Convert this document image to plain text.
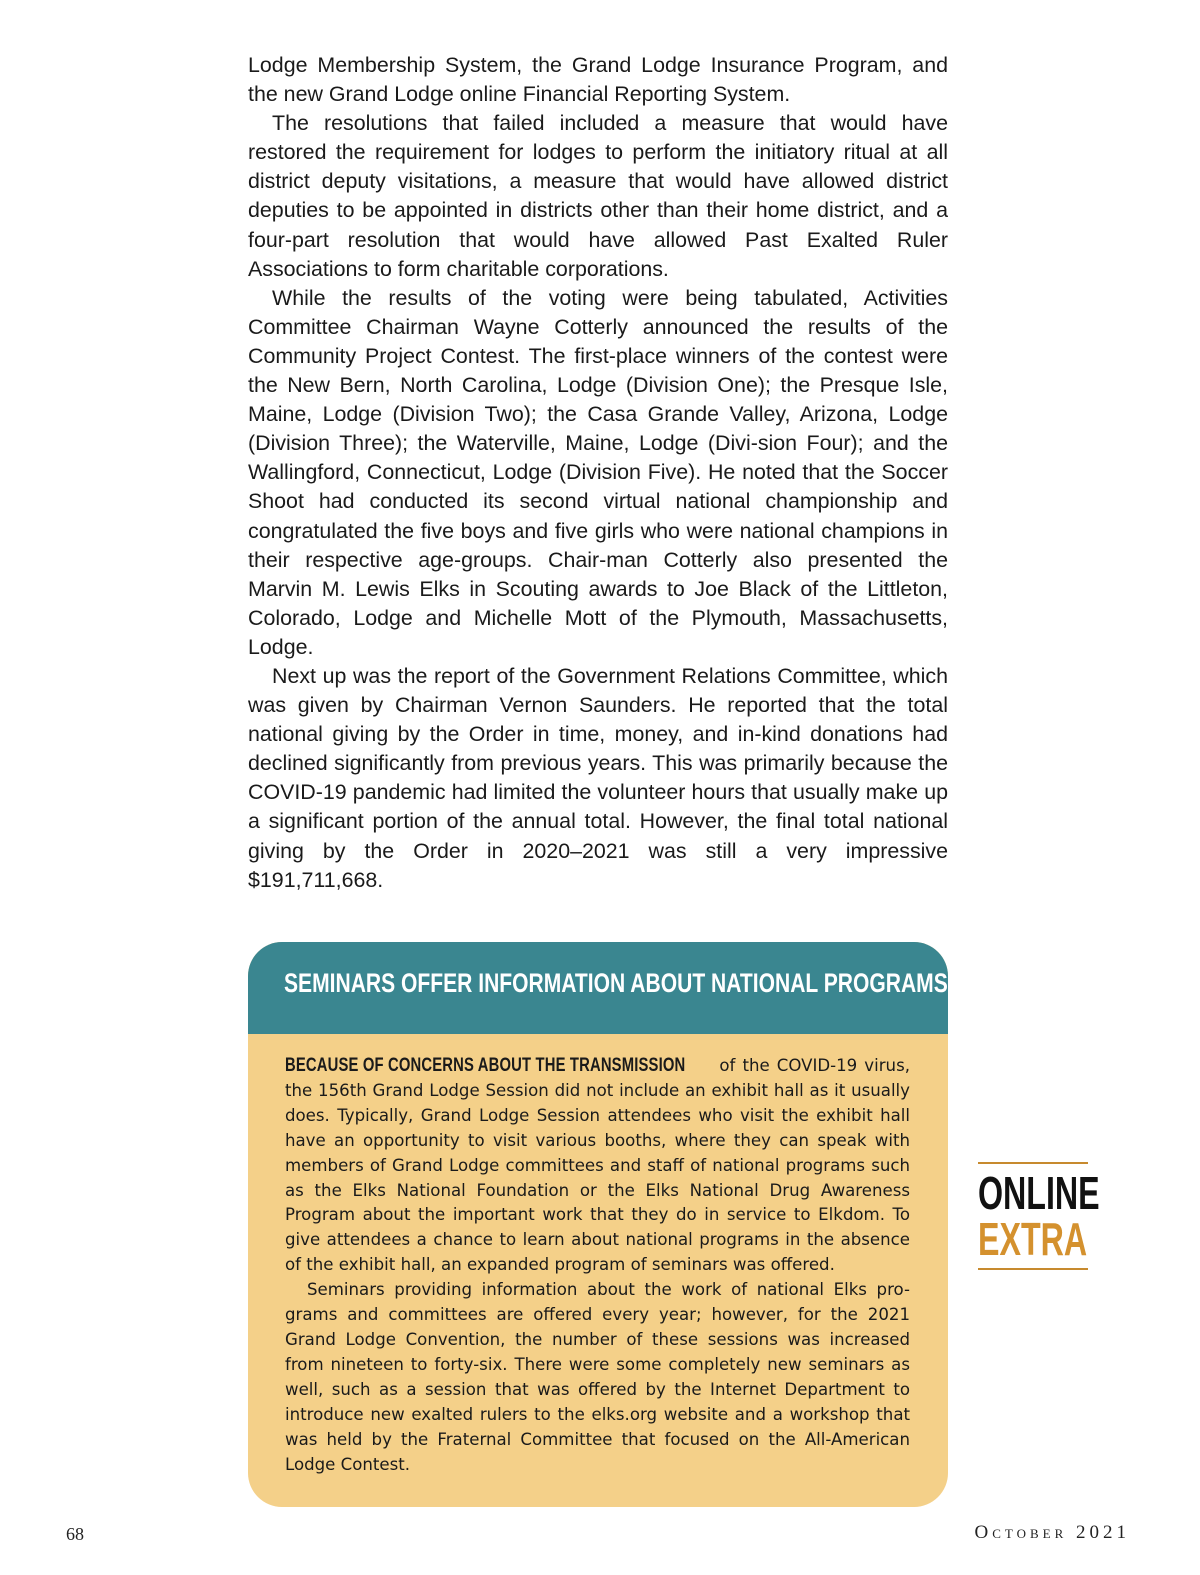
Lodge Membership System, the Grand Lodge Insurance Program, and the new Grand Lodge online Financial Reporting System.

The resolutions that failed included a measure that would have restored the requirement for lodges to perform the initiatory ritual at all district deputy visitations, a measure that would have allowed district deputies to be appointed in districts other than their home district, and a four-part resolution that would have allowed Past Exalted Ruler Associations to form charitable corporations.

While the results of the voting were being tabulated, Activities Committee Chairman Wayne Cotterly announced the results of the Community Project Contest. The first-place winners of the contest were the New Bern, North Carolina, Lodge (Division One); the Presque Isle, Maine, Lodge (Division Two); the Casa Grande Valley, Arizona, Lodge (Division Three); the Waterville, Maine, Lodge (Divi-sion Four); and the Wallingford, Connecticut, Lodge (Division Five). He noted that the Soccer Shoot had conducted its second virtual national championship and congratulated the five boys and five girls who were national champions in their respective age-groups. Chair-man Cotterly also presented the Marvin M. Lewis Elks in Scouting awards to Joe Black of the Littleton, Colorado, Lodge and Michelle Mott of the Plymouth, Massachusetts, Lodge.

Next up was the report of the Government Relations Committee, which was given by Chairman Vernon Saunders. He reported that the total national giving by the Order in time, money, and in-kind donations had declined significantly from previous years. This was primarily because the COVID-19 pandemic had limited the volunteer hours that usually make up a significant portion of the annual total. However, the final total national giving by the Order in 2020–2021 was still a very impressive $191,711,668.

SEMINARS OFFER INFORMATION ABOUT NATIONAL PROGRAMS

BECAUSE OF CONCERNS ABOUT THE TRANSMISSION of the COVID-19 virus, the 156th Grand Lodge Session did not include an exhibit hall as it usually does. Typically, Grand Lodge Session attendees who visit the exhibit hall have an opportunity to visit various booths, where they can speak with members of Grand Lodge committees and staff of national programs such as the Elks National Foundation or the Elks National Drug Awareness Program about the important work that they do in service to Elkdom. To give attendees a chance to learn about national programs in the absence of the exhibit hall, an expanded program of seminars was offered.

Seminars providing information about the work of national Elks pro-grams and committees are offered every year; however, for the 2021 Grand Lodge Convention, the number of these sessions was increased from nineteen to forty-six. There were some completely new seminars as well, such as a session that was offered by the Internet Department to introduce new exalted rulers to the elks.org website and a workshop that was held by the Fraternal Committee that focused on the All-American Lodge Contest.

ONLINE
EXTRA
68	October 2021
